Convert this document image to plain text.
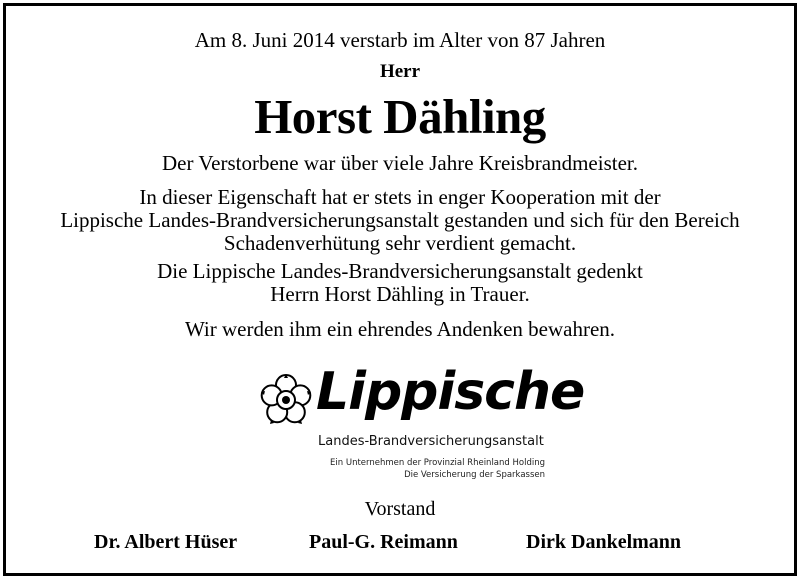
Am 8. Juni 2014 verstarb im Alter von 87 Jahren
Herr
Horst Dähling
Der Verstorbene war über viele Jahre Kreisbrandmeister.
In dieser Eigenschaft hat er stets in enger Kooperation mit der
Lippische Landes-Brandversicherungsanstalt gestanden und sich für den Bereich
Schadenverhütung sehr verdient gemacht.
Die Lippische Landes-Brandversicherungsanstalt gedenkt
Herrn Horst Dähling in Trauer.
Wir werden ihm ein ehrendes Andenken bewahren.
Lippische
Landes-Brandversicherungsanstalt
Ein Unternehmen der Provinzial Rheinland Holding
Die Versicherung der Sparkassen
Vorstand
Dr. Albert Hüser	Paul-G. Reimann	Dirk Dankelmann
